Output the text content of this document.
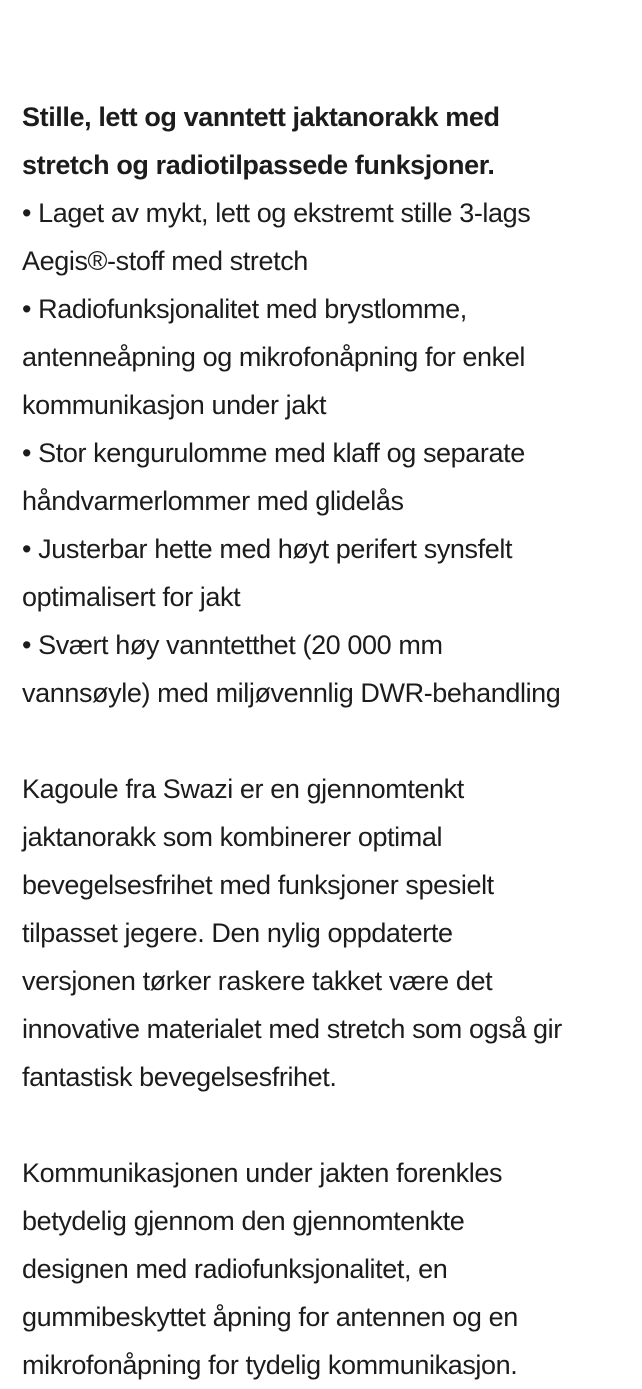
Stille, lett og vanntett jaktanorakk med
stretch og radiotilpassede funksjoner.

• Laget av mykt, lett og ekstremt stille 3-lags
Aegis®-stoff med stretch
• Radiofunksjonalitet med brystlomme,
antenneåpning og mikrofonåpning for enkel
kommunikasjon under jakt
• Stor kengurulomme med klaff og separate
håndvarmerlommer med glidelås
• Justerbar hette med høyt perifert synsfelt
optimalisert for jakt
• Svært høy vanntetthet (20 000 mm
vannsøyle) med miljøvennlig DWR-behandling

Kagoule fra Swazi er en gjennomtenkt
jaktanorakk som kombinerer optimal
bevegelsesfrihet med funksjoner spesielt
tilpasset jegere. Den nylig oppdaterte
versjonen tørker raskere takket være det
innovative materialet med stretch som også gir
fantastisk bevegelsesfrihet.

Kommunikasjonen under jakten forenkles
betydelig gjennom den gjennomtenkte
designen med radiofunksjonalitet, en
gummibeskyttet åpning for antennen og en
mikrofonåpning for tydelig kommunikasjon.
